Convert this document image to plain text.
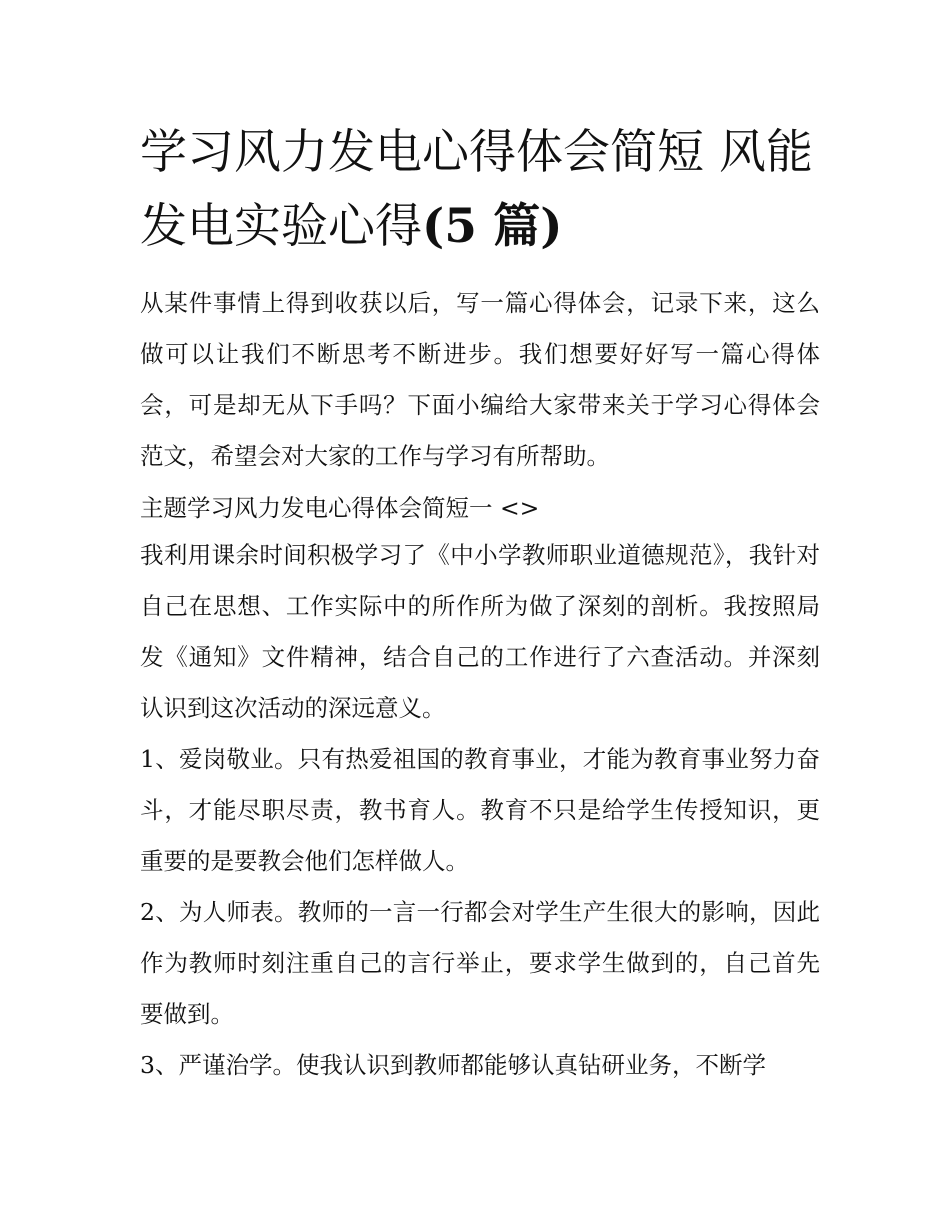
学习风力发电心得体会简短 风能发电实验心得(5 篇)

从某件事情上得到收获以后，写一篇心得体会，记录下来，这么做可以让我们不断思考不断进步。我们想要好好写一篇心得体会，可是却无从下手吗？下面小编给大家带来关于学习心得体会范文，希望会对大家的工作与学习有所帮助。

主题学习风力发电心得体会简短一 <>

我利用课余时间积极学习了《中小学教师职业道德规范》，我针对自己在思想、工作实际中的所作所为做了深刻的剖析。我按照局发《通知》文件精神，结合自己的工作进行了六查活动。并深刻认识到这次活动的深远意义。

1、爱岗敬业。只有热爱祖国的教育事业，才能为教育事业努力奋斗，才能尽职尽责，教书育人。教育不只是给学生传授知识，更重要的是要教会他们怎样做人。

2、为人师表。教师的一言一行都会对学生产生很大的影响，因此作为教师时刻注重自己的言行举止，要求学生做到的，自己首先要做到。

3、严谨治学。使我认识到教师都能够认真钻研业务，不断学
